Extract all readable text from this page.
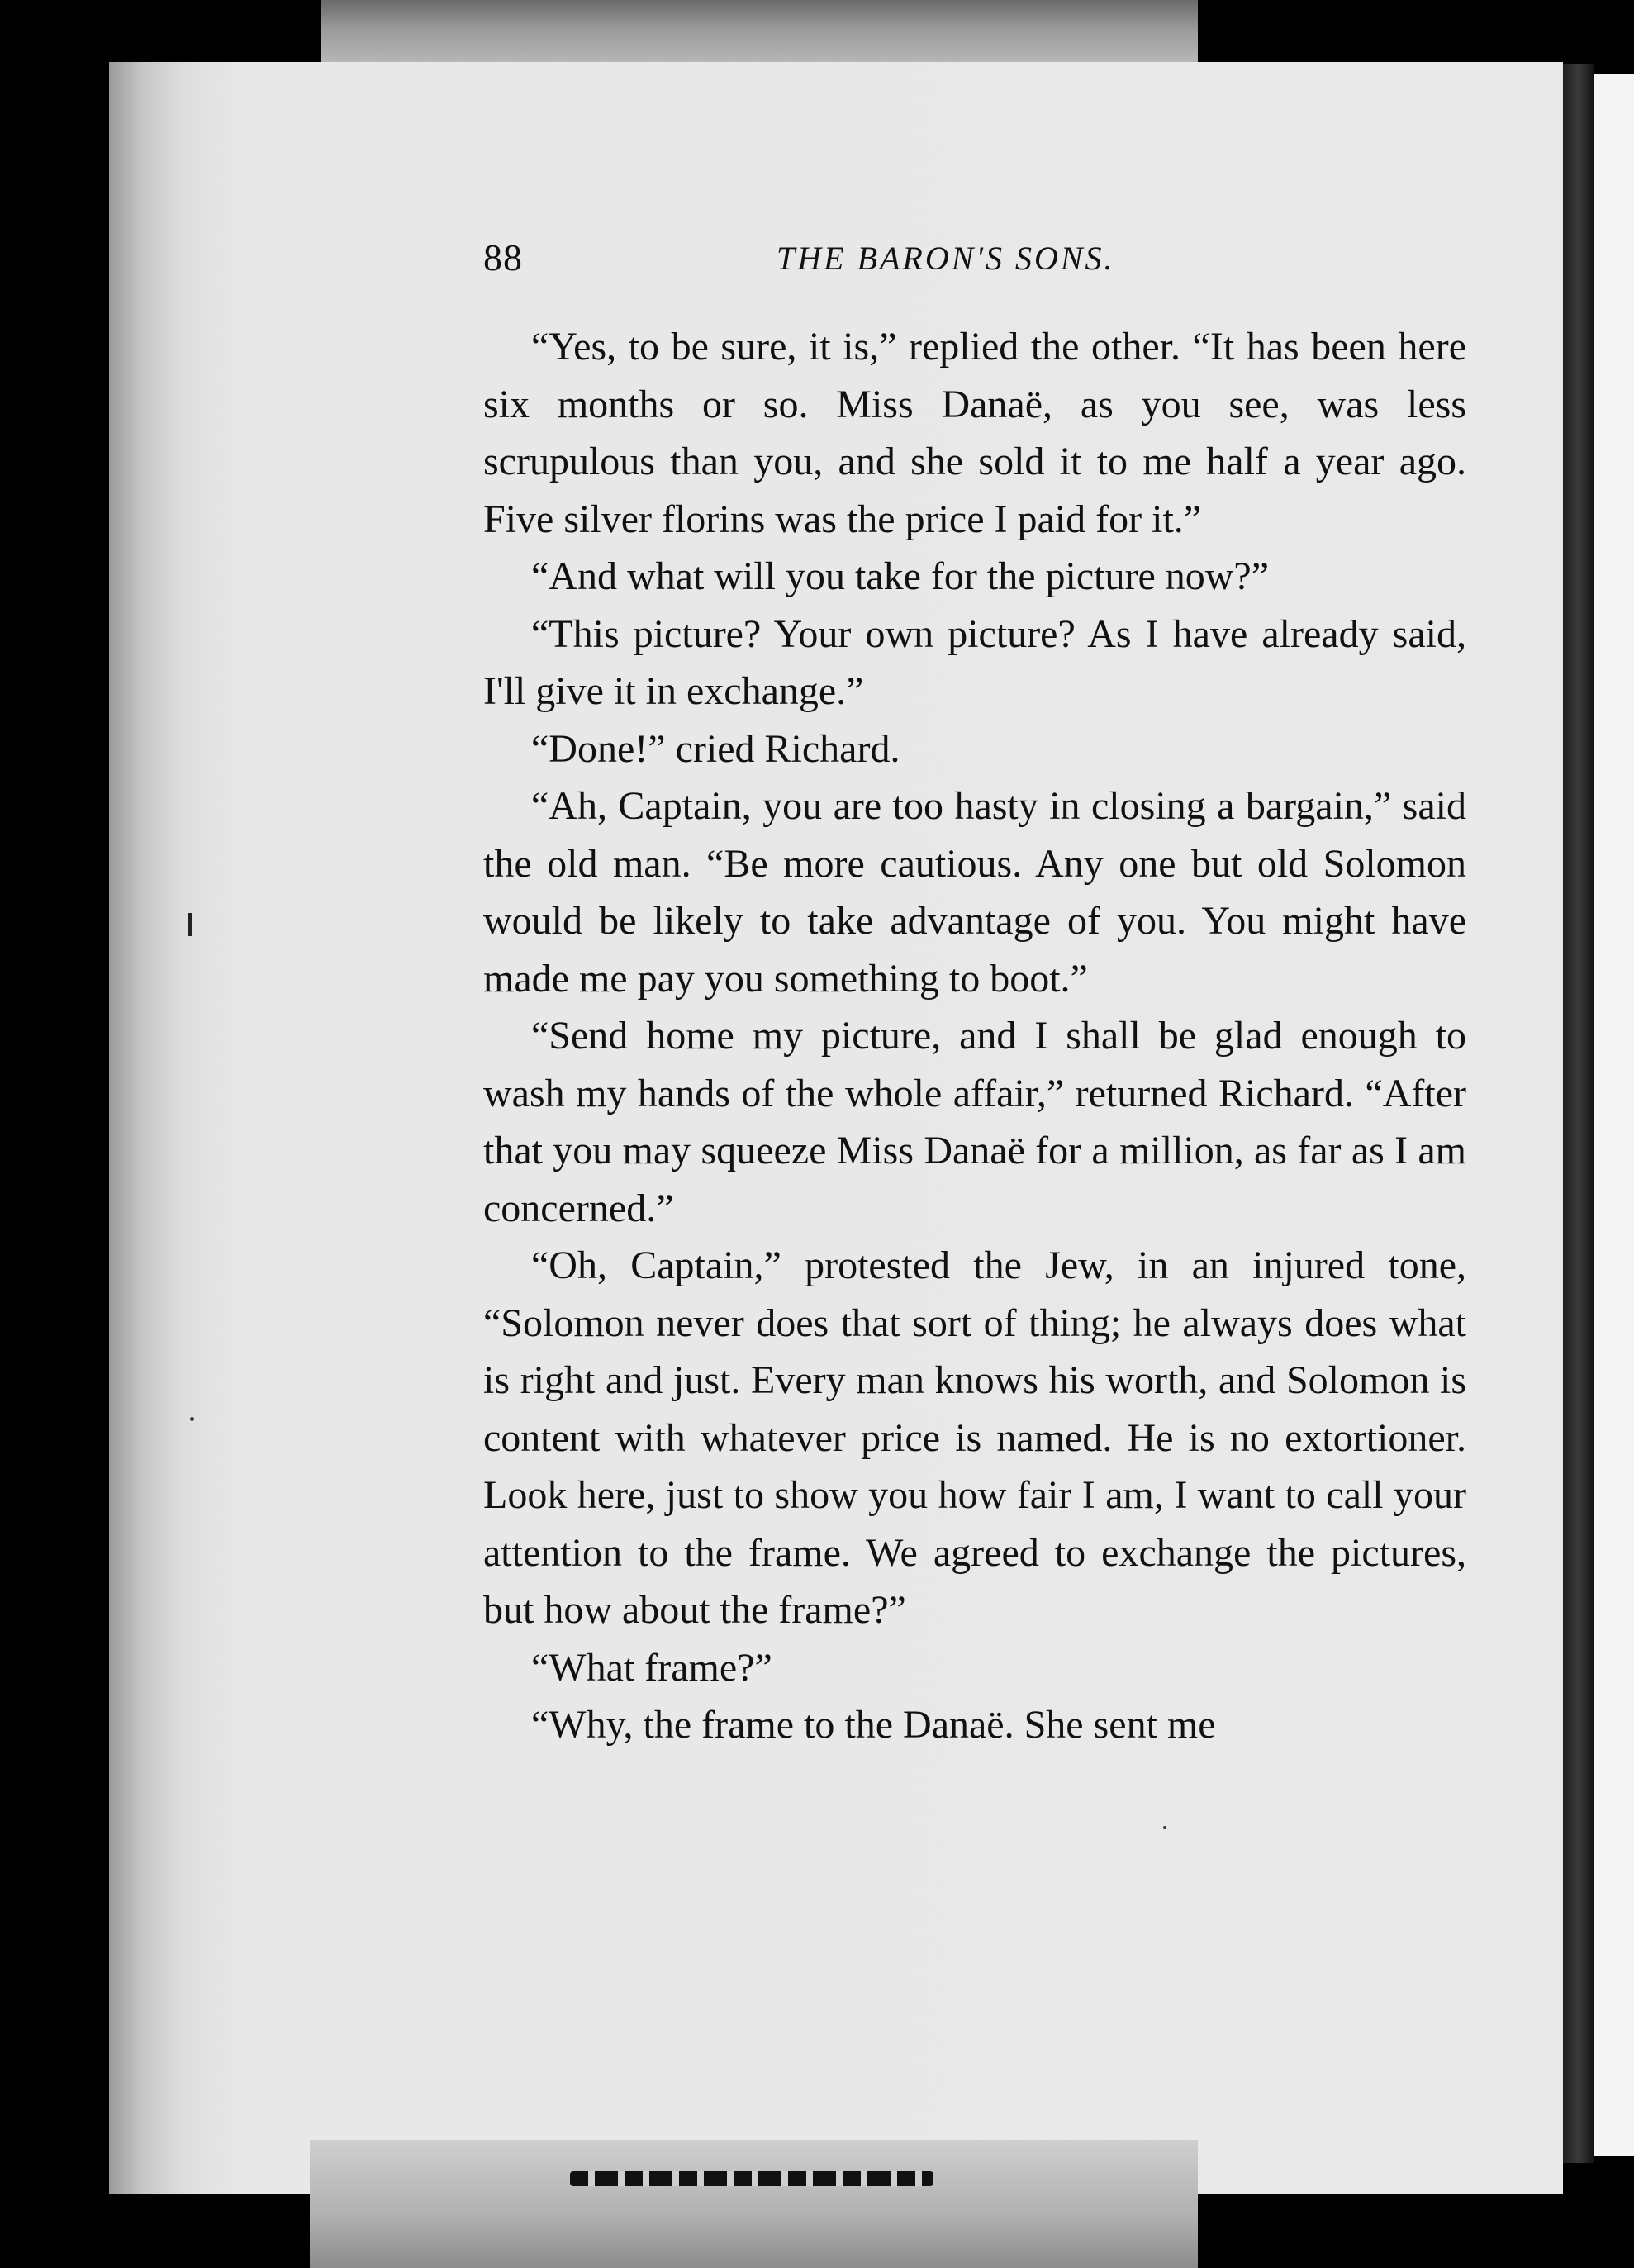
88	THE BARON'S SONS.

“Yes, to be sure, it is,” replied the other. “It has been here six months or so. Miss Danaë, as you see, was less scrupulous than you, and she sold it to me half a year ago. Five silver florins was the price I paid for it.”

“And what will you take for the picture now?”

“This picture? Your own picture? As I have already said, I'll give it in exchange.”

“Done!” cried Richard.

“Ah, Captain, you are too hasty in closing a bargain,” said the old man. “Be more cautious. Any one but old Solomon would be likely to take advantage of you. You might have made me pay you something to boot.”

“Send home my picture, and I shall be glad enough to wash my hands of the whole affair,” returned Richard. “After that you may squeeze Miss Danaë for a million, as far as I am concerned.”

“Oh, Captain,” protested the Jew, in an injured tone, “Solomon never does that sort of thing; he always does what is right and just. Every man knows his worth, and Solomon is content with whatever price is named. He is no extortioner. Look here, just to show you how fair I am, I want to call your attention to the frame. We agreed to exchange the pictures, but how about the frame?”

“What frame?”

“Why, the frame to the Danaë. She sent me
